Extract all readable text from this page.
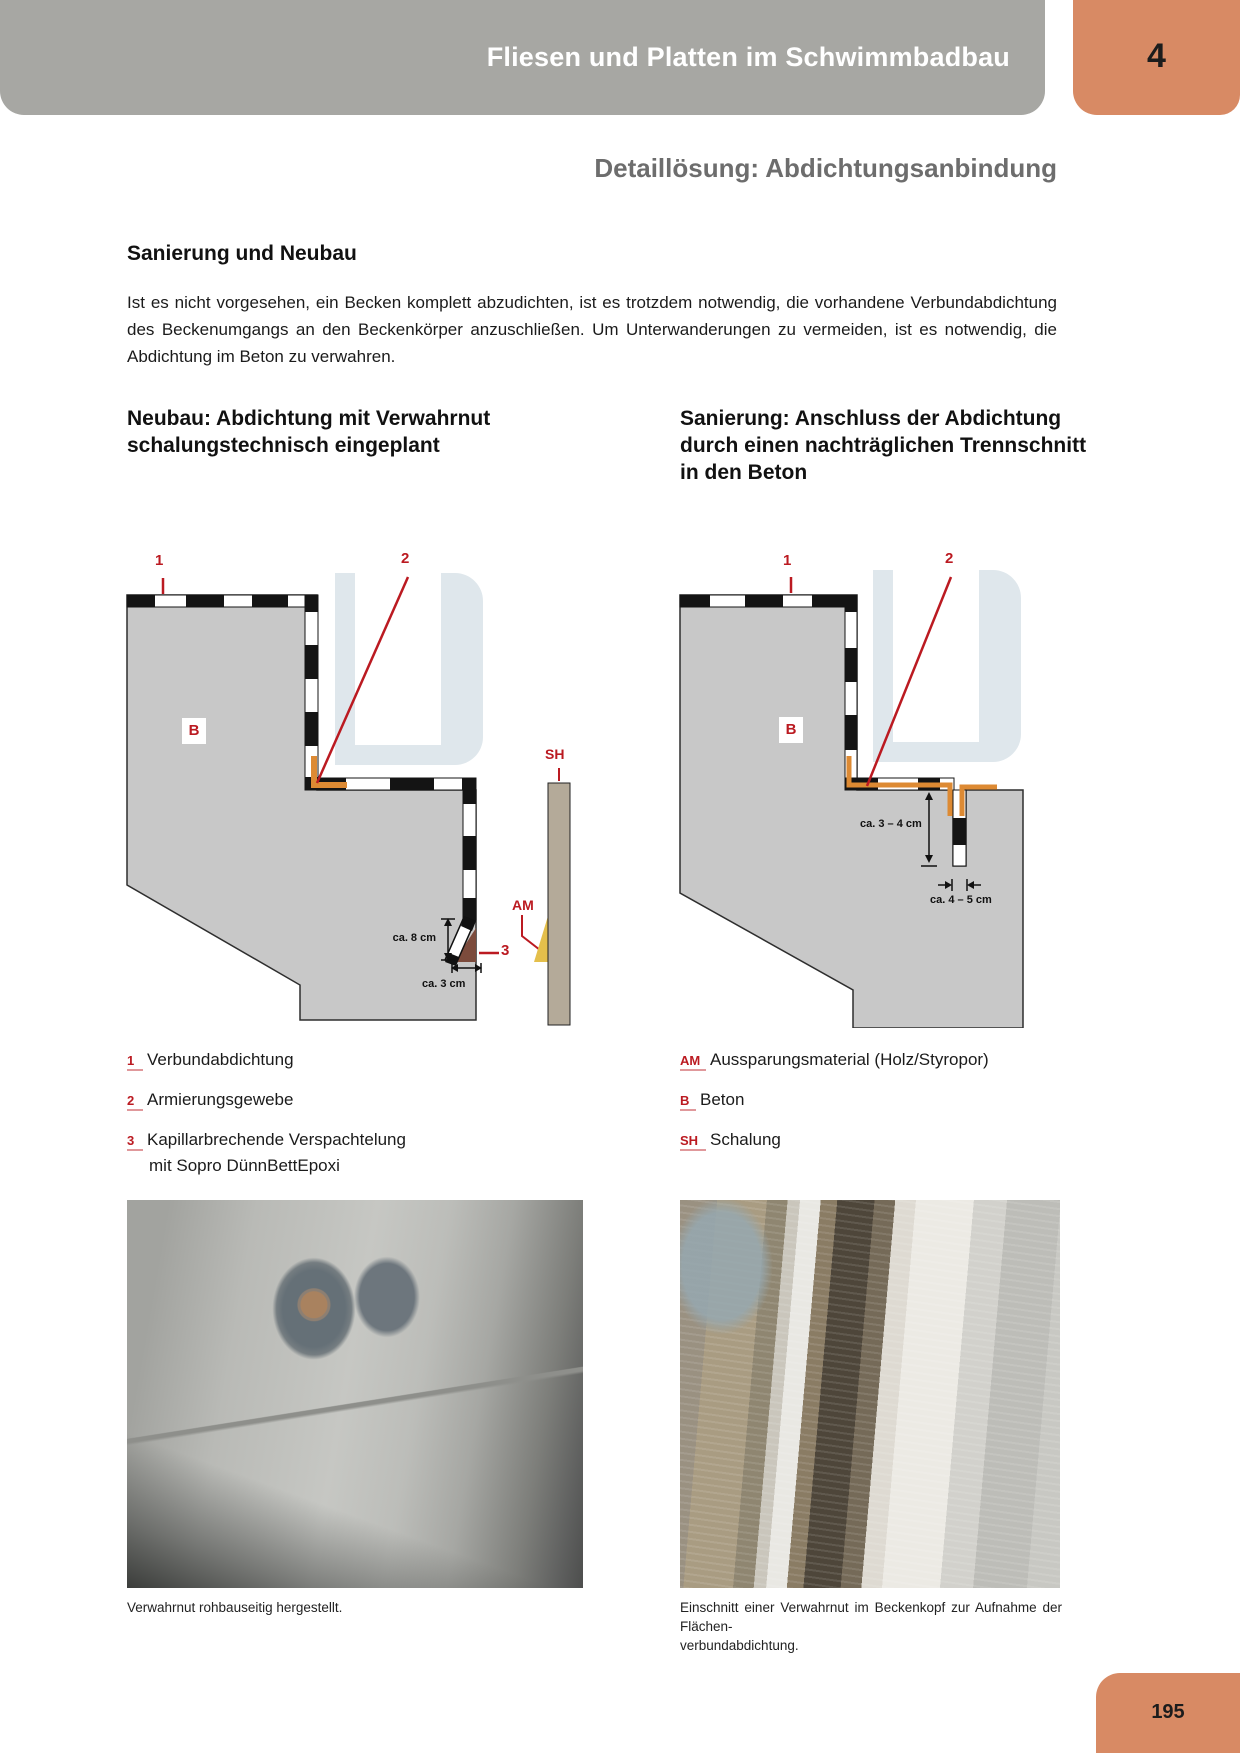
Fliesen und Platten im Schwimmbadbau	4
Detaillösung: Abdichtungsanbindung
Sanierung und Neubau

Ist es nicht vorgesehen, ein Becken komplett abzudichten, ist es trotzdem notwendig, die vorhandene Verbundabdichtung des Beckenumgangs an den Beckenkörper anzuschließen. Um Unterwanderungen zu vermeiden, ist es notwendig, die Abdichtung im Beton zu verwahren.

Neubau: Abdichtung mit Verwahrnut
schalungstechnisch eingeplant
Sanierung: Anschluss der Abdichtung
durch einen nachträglichen Trennschnitt
in den Beton
1	2
B
SH
AM
3
ca. 8 cm
ca. 3 cm
1	2
B
ca. 3 – 4 cm
ca. 4 – 5 cm
1 Verbundabdichtung
2 Armierungsgewebe
3 Kapillarbrechende Verspachtelung
mit Sopro DünnBettEpoxi
AM Aussparungsmaterial (Holz/Styropor)
B Beton
SH Schalung
Verwahrnut rohbauseitig hergestellt.	Einschnitt einer Verwahrnut im Beckenkopf zur Aufnahme der Flächen-
verbundabdichtung.
195
